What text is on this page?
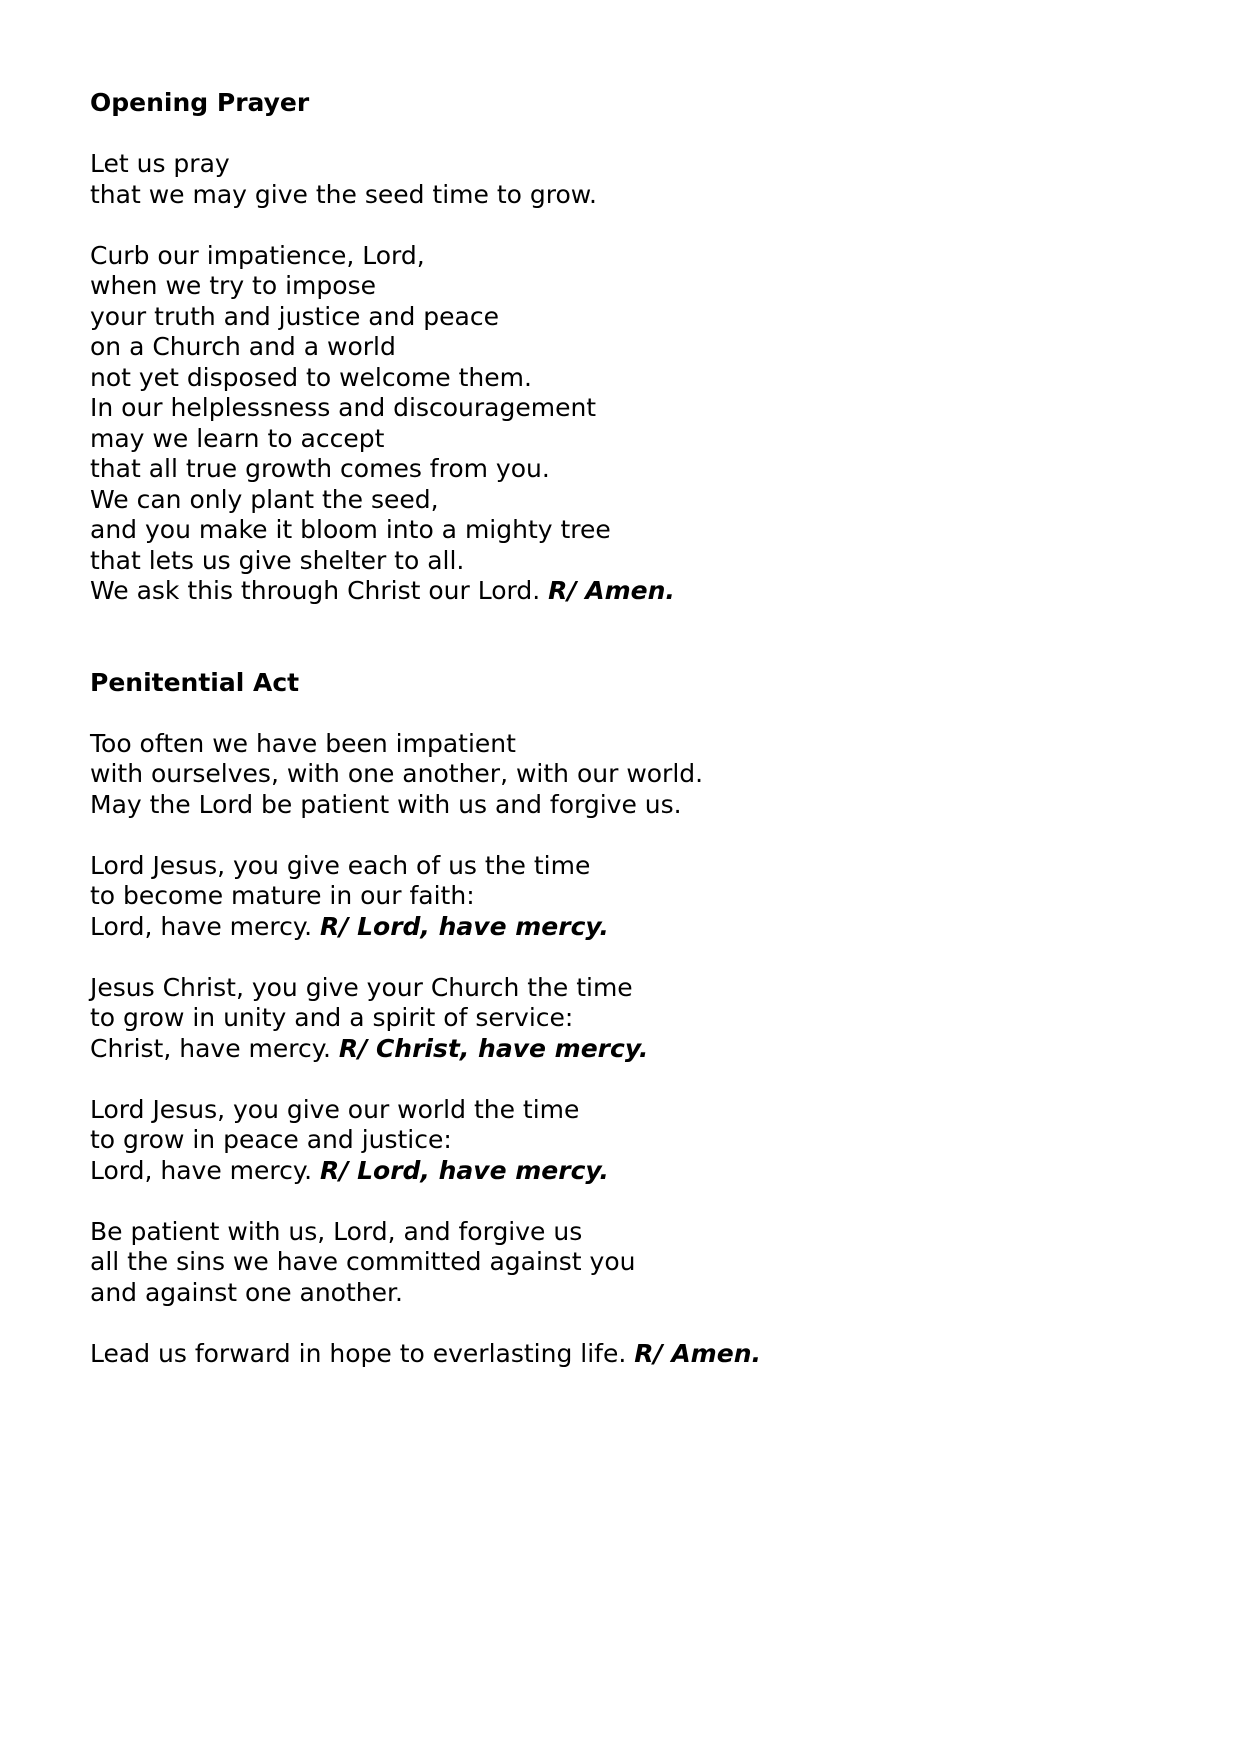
Opening Prayer
Let us pray
that we may give the seed time to grow.
Curb our impatience, Lord,
when we try to impose
your truth and justice and peace
on a Church and a world
not yet disposed to welcome them.
In our helplessness and discouragement
may we learn to accept
that all true growth comes from you.
We can only plant the seed,
and you make it bloom into a mighty tree
that lets us give shelter to all.
We ask this through Christ our Lord. R/ Amen.
Penitential Act
Too often we have been impatient
with ourselves, with one another, with our world.
May the Lord be patient with us and forgive us.
Lord Jesus, you give each of us the time
to become mature in our faith:
Lord, have mercy. R/ Lord, have mercy.
Jesus Christ, you give your Church the time
to grow in unity and a spirit of service:
Christ, have mercy. R/ Christ, have mercy.
Lord Jesus, you give our world the time
to grow in peace and justice:
Lord, have mercy. R/ Lord, have mercy.
Be patient with us, Lord, and forgive us
all the sins we have committed against you
and against one another.
Lead us forward in hope to everlasting life. R/ Amen.
